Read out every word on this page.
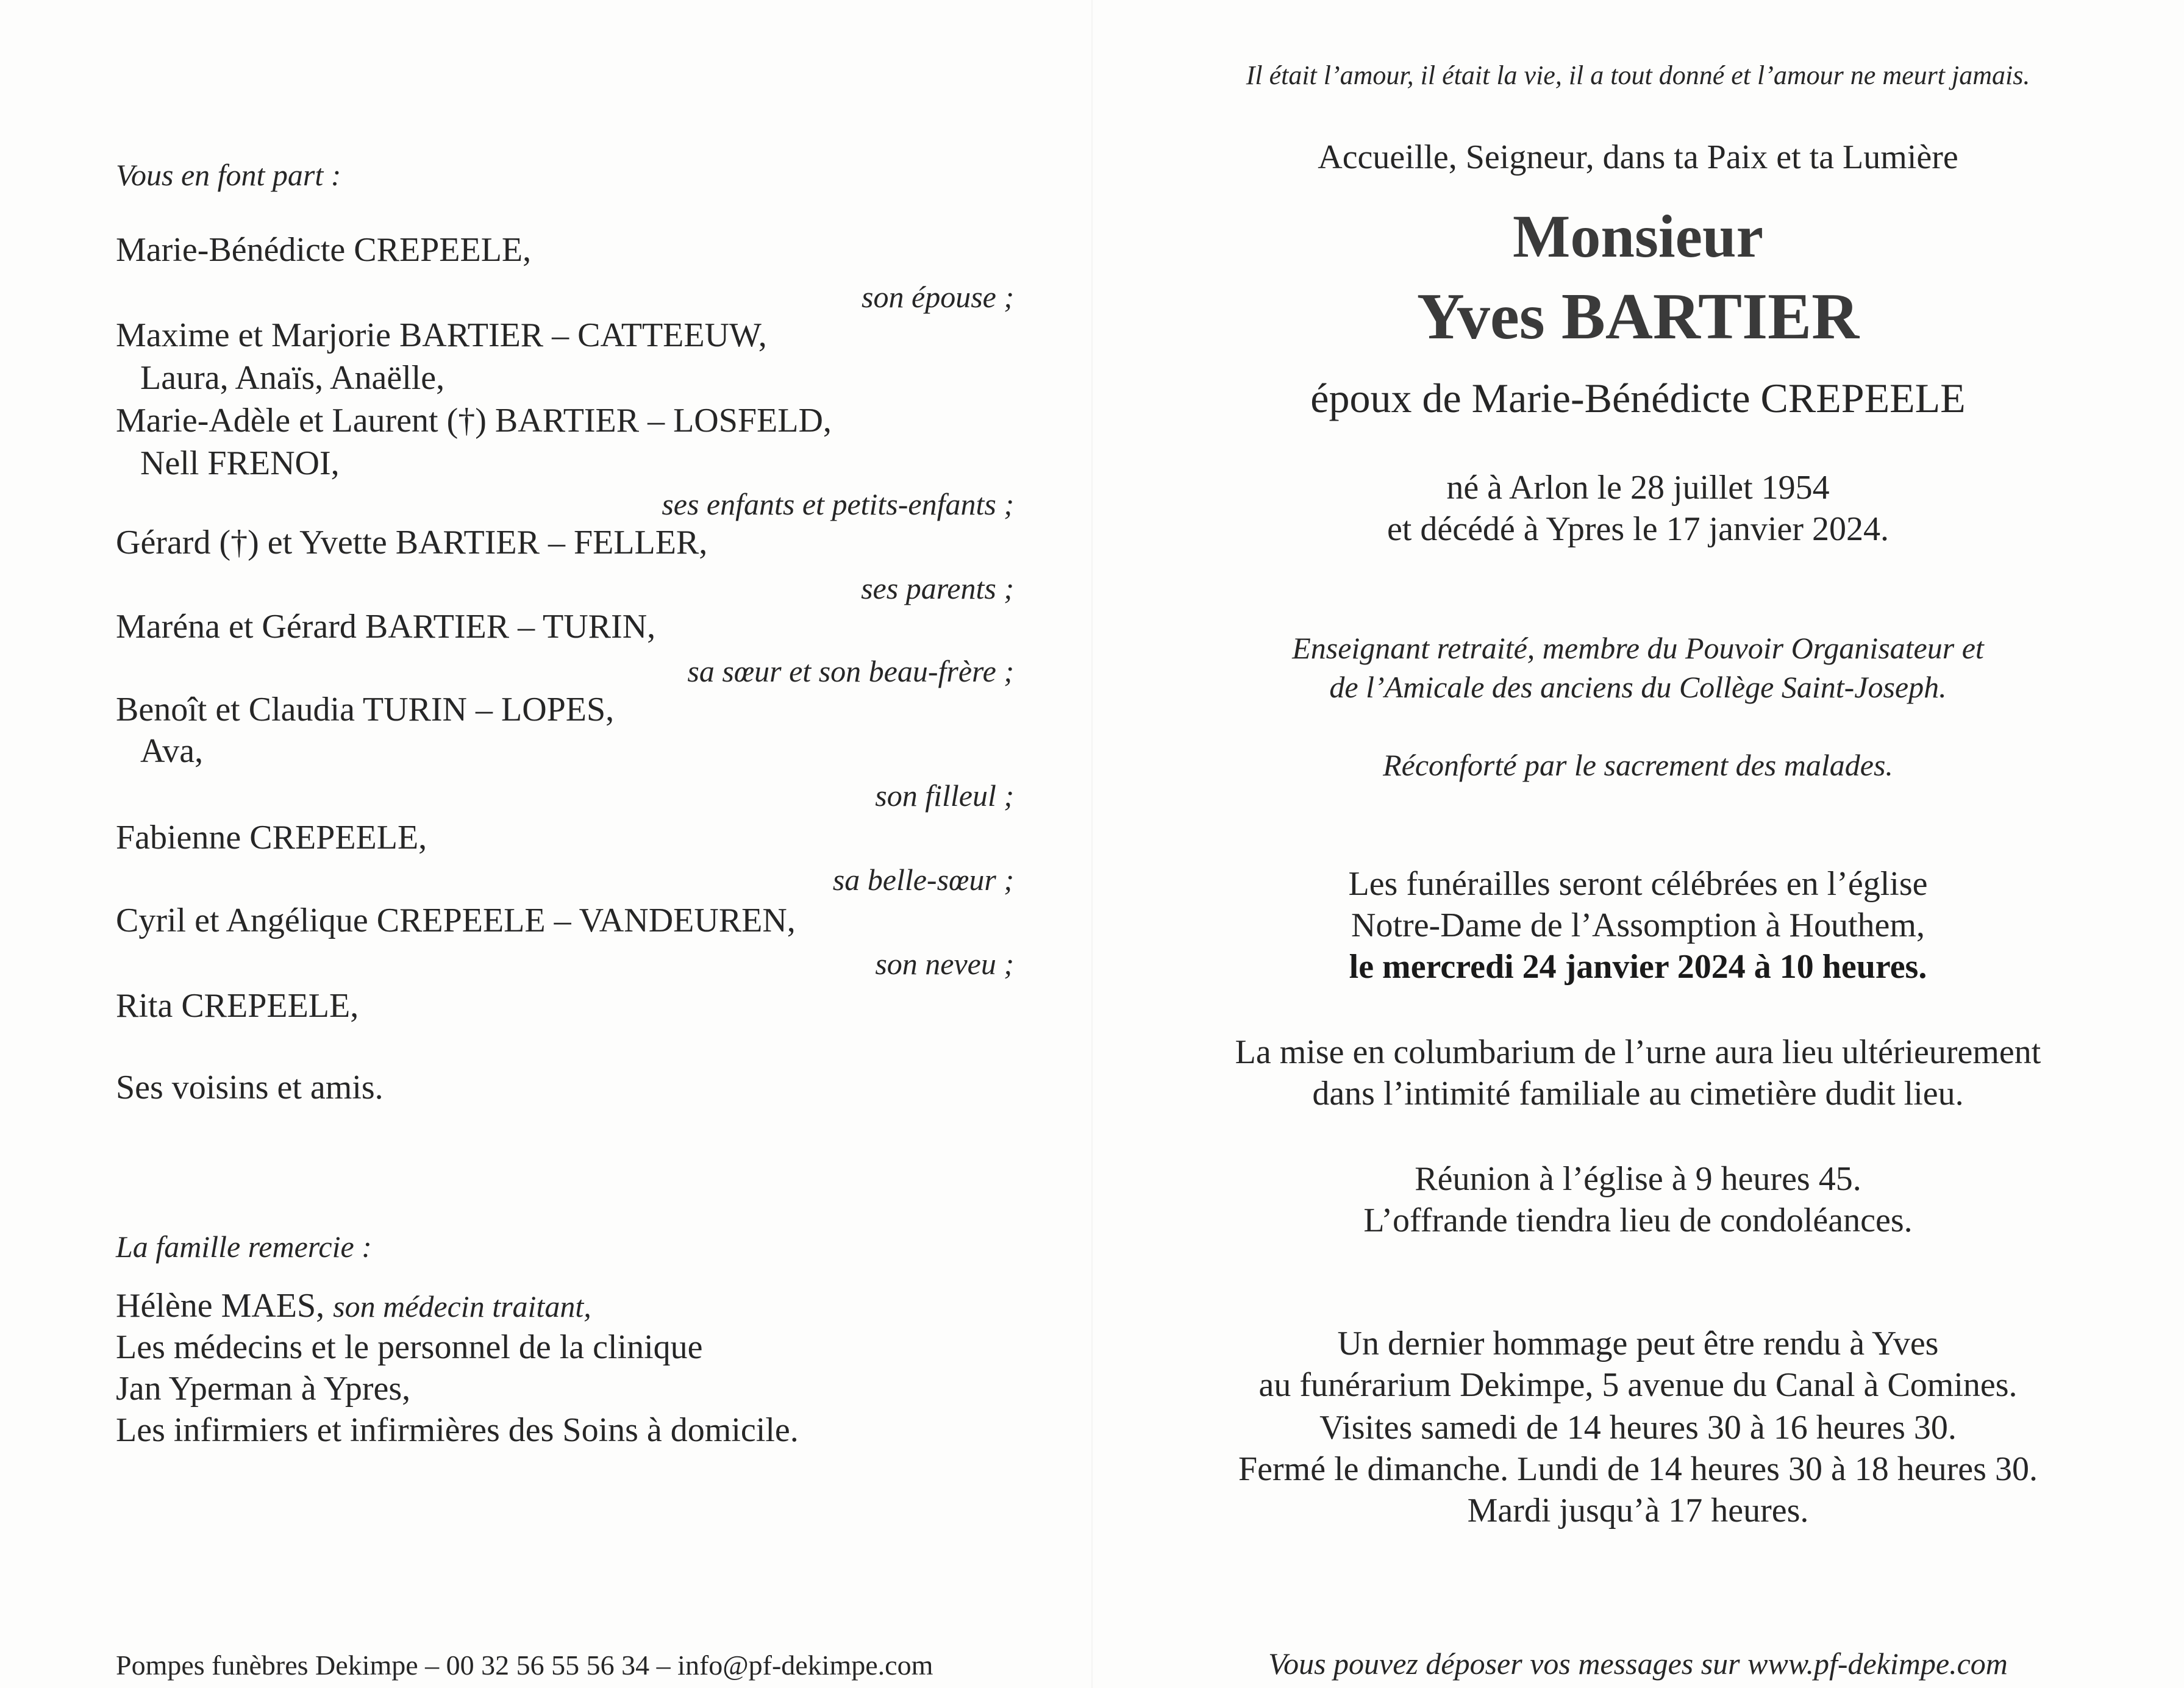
Vous en font part :
Marie-Bénédicte CREPEELE,
son épouse ;
Maxime et Marjorie BARTIER – CATTEEUW,
Laura, Anaïs, Anaëlle,
Marie-Adèle et Laurent (†) BARTIER – LOSFELD,
Nell FRENOI,
ses enfants et petits-enfants ;
Gérard (†) et Yvette BARTIER – FELLER,
ses parents ;
Maréna et Gérard BARTIER – TURIN,
sa sœur et son beau-frère ;
Benoît et Claudia TURIN – LOPES,
Ava,
son filleul ;
Fabienne CREPEELE,
sa belle-sœur ;
Cyril et Angélique CREPEELE – VANDEUREN,
son neveu ;
Rita CREPEELE,
Ses voisins et amis.
La famille remercie :
Hélène MAES, son médecin traitant,
Les médecins et le personnel de la clinique
Jan Yperman à Ypres,
Les infirmiers et infirmières des Soins à domicile.
Pompes funèbres Dekimpe – 00 32 56 55 56 34 – info@pf-dekimpe.com
Il était l’amour, il était la vie, il a tout donné et l’amour ne meurt jamais.
Accueille, Seigneur, dans ta Paix et ta Lumière
Monsieur
Yves BARTIER
époux de Marie-Bénédicte CREPEELE
né à Arlon le 28 juillet 1954
et décédé à Ypres le 17 janvier 2024.
Enseignant retraité, membre du Pouvoir Organisateur et
de l’Amicale des anciens du Collège Saint-Joseph.
Réconforté par le sacrement des malades.
Les funérailles seront célébrées en l’église
Notre-Dame de l’Assomption à Houthem,
le mercredi 24 janvier 2024 à 10 heures.
La mise en columbarium de l’urne aura lieu ultérieurement
dans l’intimité familiale au cimetière dudit lieu.
Réunion à l’église à 9 heures 45.
L’offrande tiendra lieu de condoléances.
Un dernier hommage peut être rendu à Yves
au funérarium Dekimpe, 5 avenue du Canal à Comines.
Visites samedi de 14 heures 30 à 16 heures 30.
Fermé le dimanche. Lundi de 14 heures 30 à 18 heures 30.
Mardi jusqu’à 17 heures.
Vous pouvez déposer vos messages sur www.pf-dekimpe.com
